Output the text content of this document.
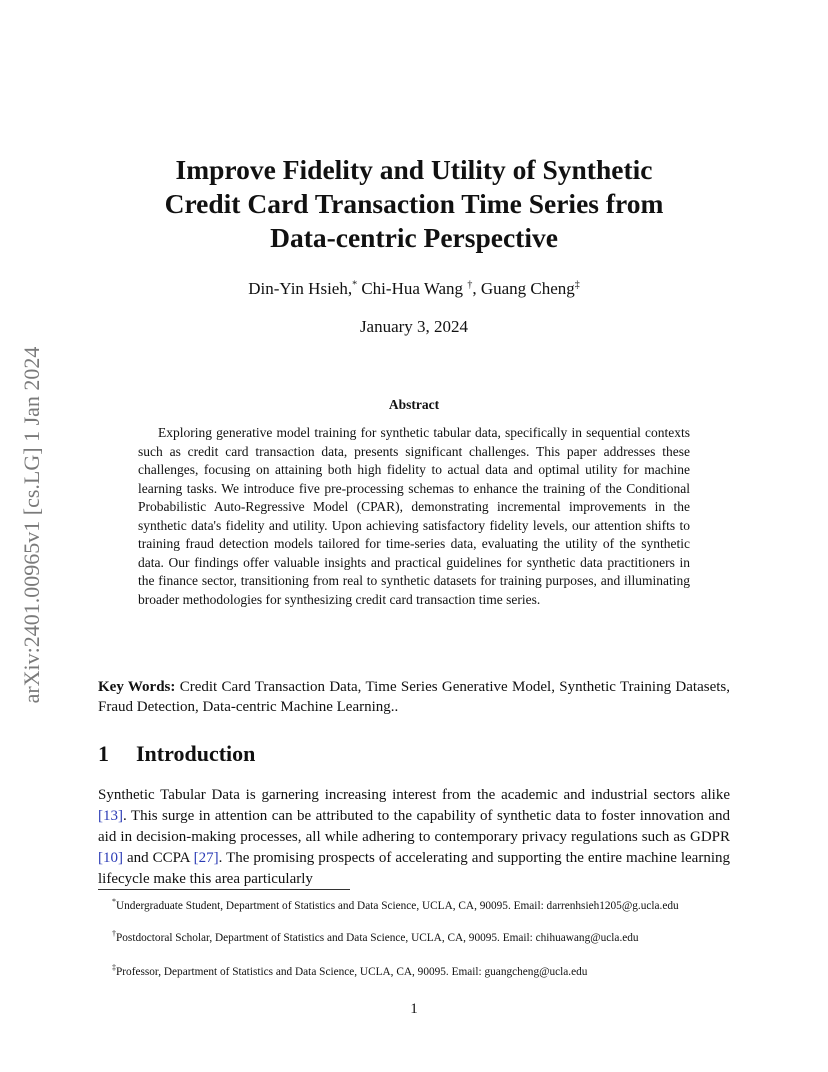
arXiv:2401.00965v1 [cs.LG] 1 Jan 2024
Improve Fidelity and Utility of Synthetic
Credit Card Transaction Time Series from
Data-centric Perspective
Din-Yin Hsieh,* Chi-Hua Wang †, Guang Cheng‡
January 3, 2024
Abstract
Exploring generative model training for synthetic tabular data, specifically in sequential contexts such as credit card transaction data, presents significant challenges. This paper addresses these challenges, focusing on attaining both high fidelity to actual data and optimal utility for machine learning tasks. We introduce five pre-processing schemas to enhance the training of the Conditional Probabilistic Auto-Regressive Model (CPAR), demonstrating incremental improvements in the synthetic data's fidelity and utility. Upon achieving satisfactory fidelity levels, our attention shifts to training fraud detection models tailored for time-series data, evaluating the utility of the synthetic data. Our findings offer valuable insights and practical guidelines for synthetic data practitioners in the finance sector, transitioning from real to synthetic datasets for training purposes, and illuminating broader methodologies for synthesizing credit card transaction time series.
Key Words: Credit Card Transaction Data, Time Series Generative Model, Synthetic Training Datasets, Fraud Detection, Data-centric Machine Learning..
1 Introduction
Synthetic Tabular Data is garnering increasing interest from the academic and industrial sectors alike [13]. This surge in attention can be attributed to the capability of synthetic data to foster innovation and aid in decision-making processes, all while adhering to contemporary privacy regulations such as GDPR [10] and CCPA [27]. The promising prospects of accelerating and supporting the entire machine learning lifecycle make this area particularly
*Undergraduate Student, Department of Statistics and Data Science, UCLA, CA, 90095. Email: darrenhsieh1205@g.ucla.edu
†Postdoctoral Scholar, Department of Statistics and Data Science, UCLA, CA, 90095. Email: chihuawang@ucla.edu
‡Professor, Department of Statistics and Data Science, UCLA, CA, 90095. Email: guangcheng@ucla.edu
1
